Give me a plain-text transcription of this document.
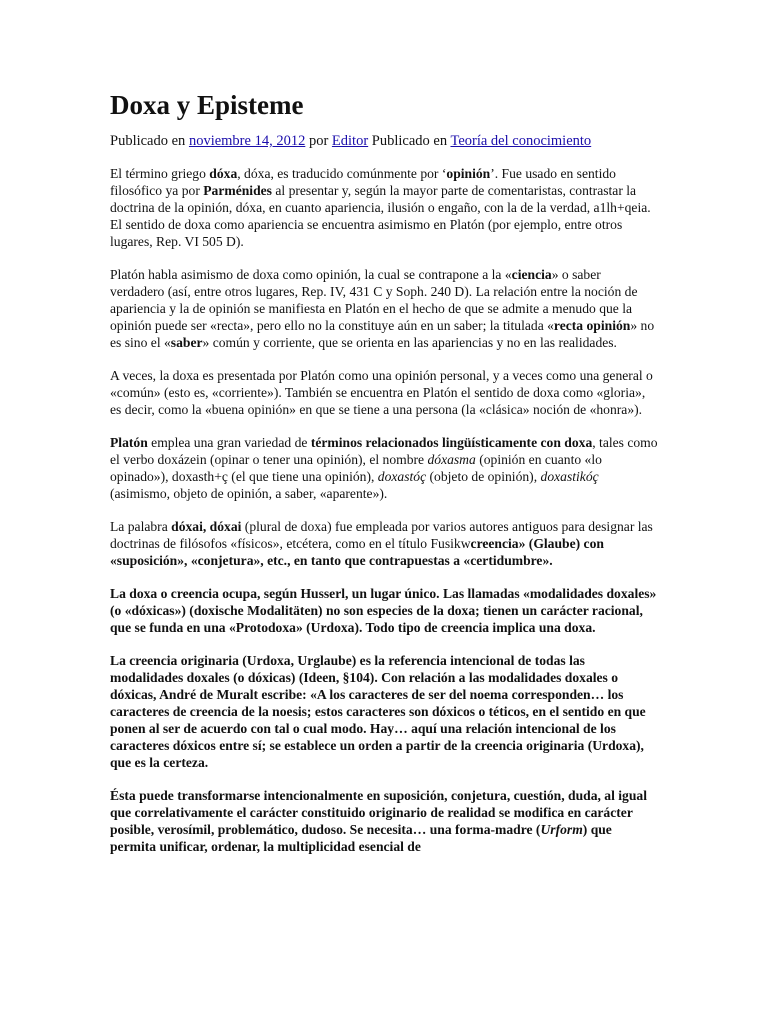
Doxa y Episteme
Publicado en noviembre 14, 2012 por Editor Publicado en Teoría del conocimiento

El término griego dóxa, dóxa, es traducido comúnmente por ‘opinión’. Fue usado en sentido filosófico ya por Parménides al presentar y, según la mayor parte de comentaristas, contrastar la doctrina de la opinión, dóxa, en cuanto apariencia, ilusión o engaño, con la de la verdad, a1lh+qeia. El sentido de doxa como apariencia se encuentra asimismo en Platón (por ejemplo, entre otros lugares, Rep. VI 505 D).

Platón habla asimismo de doxa como opinión, la cual se contrapone a la «ciencia» o saber verdadero (así, entre otros lugares, Rep. IV, 431 C y Soph. 240 D). La relación entre la noción de apariencia y la de opinión se manifiesta en Platón en el hecho de que se admite a menudo que la opinión puede ser «recta», pero ello no la constituye aún en un saber; la titulada «recta opinión» no es sino el «saber» común y corriente, que se orienta en las apariencias y no en las realidades.

A veces, la doxa es presentada por Platón como una opinión personal, y a veces como una general o «común» (esto es, «corriente»). También se encuentra en Platón el sentido de doxa como «gloria», es decir, como la «buena opinión» en que se tiene a una persona (la «clásica» noción de «honra»).

Platón emplea una gran variedad de términos relacionados lingüísticamente con doxa, tales como el verbo doxázein (opinar o tener una opinión), el nombre dóxasma (opinión en cuanto «lo opinado»), doxasth+ç (el que tiene una opinión), doxastóç (objeto de opinión), doxastikóç (asimismo, objeto de opinión, a saber, «aparente»).

La palabra dóxai, dóxai (plural de doxa) fue empleada por varios autores antiguos para designar las doctrinas de filósofos «físicos», etcétera, como en el título Fusikwcreencia» (Glaube) con «suposición», «conjetura», etc., en tanto que contrapuestas a «certidumbre».

La doxa o creencia ocupa, según Husserl, un lugar único. Las llamadas «modalidades doxales» (o «dóxicas») (doxische Modalitäten) no son especies de la doxa; tienen un carácter racional, que se funda en una «Protodoxa» (Urdoxa). Todo tipo de creencia implica una doxa.

La creencia originaria (Urdoxa, Urglaube) es la referencia intencional de todas las modalidades doxales (o dóxicas) (Ideen, §104). Con relación a las modalidades doxales o dóxicas, André de Muralt escribe: «A los caracteres de ser del noema corresponden… los caracteres de creencia de la noesis; estos caracteres son dóxicos o téticos, en el sentido en que ponen al ser de acuerdo con tal o cual modo. Hay… aquí una relación intencional de los caracteres dóxicos entre sí; se establece un orden a partir de la creencia originaria (Urdoxa), que es la certeza.

Ésta puede transformarse intencionalmente en suposición, conjetura, cuestión, duda, al igual que correlativamente el carácter constituido originario de realidad se modifica en carácter posible, verosímil, problemático, dudoso. Se necesita… una forma-madre (Urform) que permita unificar, ordenar, la multiplicidad esencial de
